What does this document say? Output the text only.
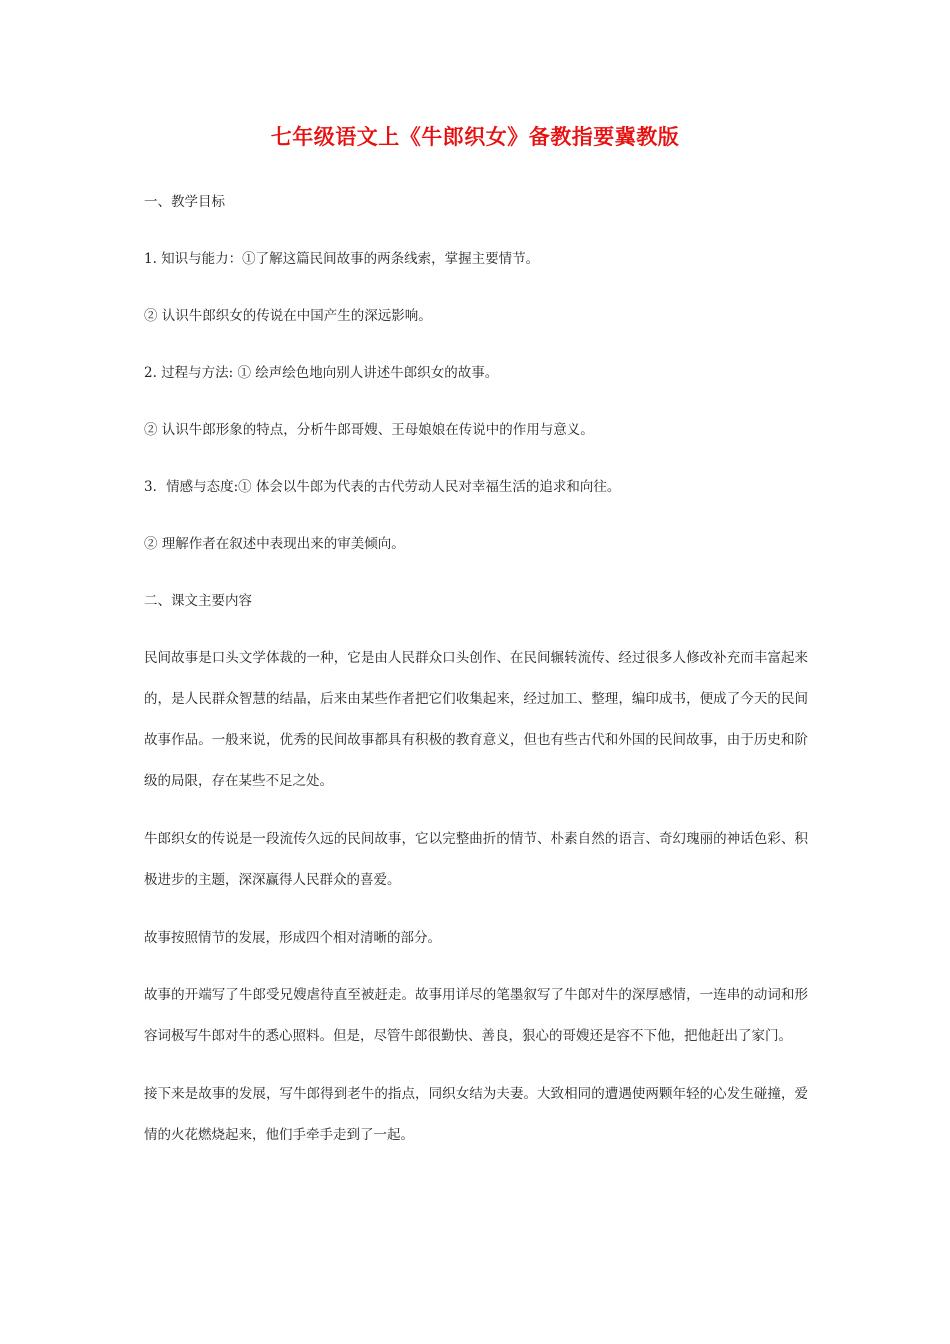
七年级语文上《牛郎织女》备教指要冀教版

一、教学目标

1. 知识与能力：①了解这篇民间故事的两条线索，掌握主要情节。

② 认识牛郎织女的传说在中国产生的深远影响。

2. 过程与方法: ① 绘声绘色地向别人讲述牛郎织女的故事。

② 认识牛郎形象的特点，分析牛郎哥嫂、王母娘娘在传说中的作用与意义。

3．情感与态度:① 体会以牛郎为代表的古代劳动人民对幸福生活的追求和向往。

② 理解作者在叙述中表现出来的审美倾向。

二、课文主要内容

民间故事是口头文学体裁的一种，它是由人民群众口头创作、在民间辗转流传、经过很多人修改补充而丰富起来的，是人民群众智慧的结晶，后来由某些作者把它们收集起来，经过加工、整理，编印成书，便成了今天的民间故事作品。一般来说，优秀的民间故事都具有积极的教育意义，但也有些古代和外国的民间故事，由于历史和阶级的局限，存在某些不足之处。

牛郎织女的传说是一段流传久远的民间故事，它以完整曲折的情节、朴素自然的语言、奇幻瑰丽的神话色彩、积极进步的主题，深深赢得人民群众的喜爱。

故事按照情节的发展，形成四个相对清晰的部分。

故事的开端写了牛郎受兄嫂虐待直至被赶走。故事用详尽的笔墨叙写了牛郎对牛的深厚感情，一连串的动词和形容词极写牛郎对牛的悉心照料。但是，尽管牛郎很勤快、善良，狠心的哥嫂还是容不下他，把他赶出了家门。

接下来是故事的发展，写牛郎得到老牛的指点，同织女结为夫妻。大致相同的遭遇使两颗年轻的心发生碰撞，爱情的火花燃烧起来，他们手牵手走到了一起。
